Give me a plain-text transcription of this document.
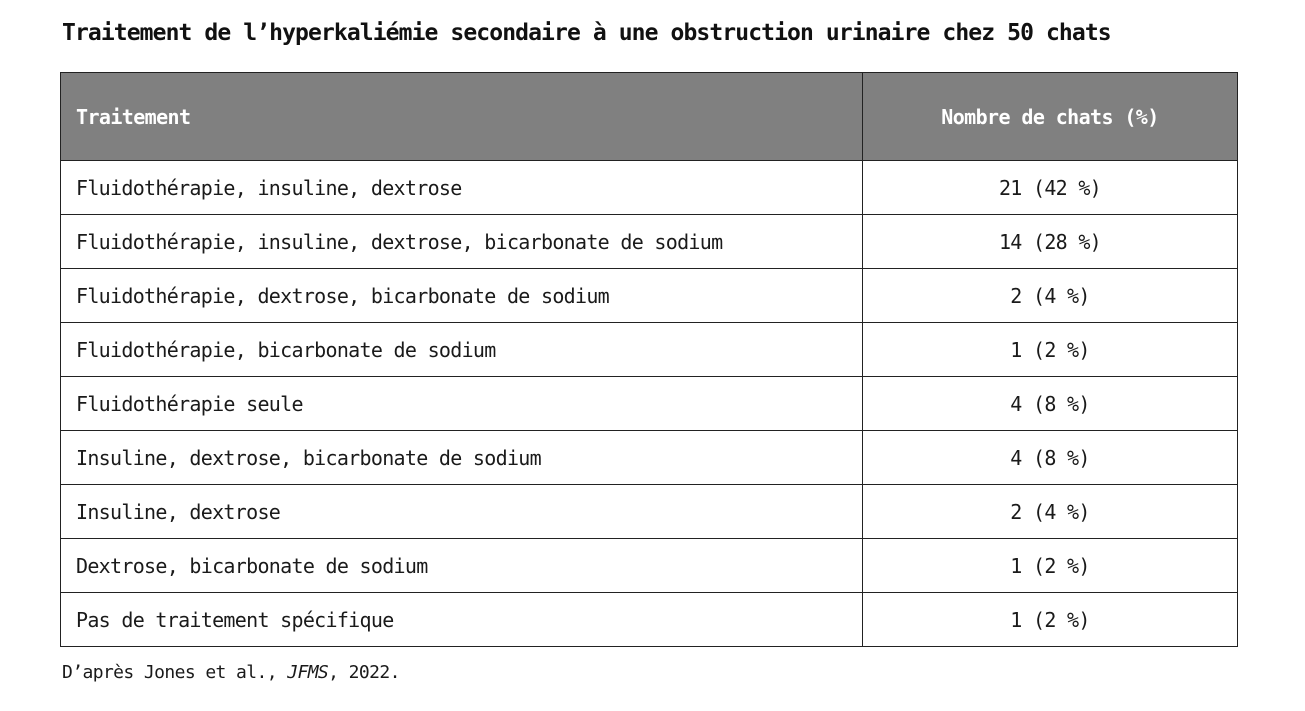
Traitement de l’hyperkaliémie secondaire à une obstruction urinaire chez 50 chats
Traitement	Nombre de chats (%)
Fluidothérapie, insuline, dextrose	21 (42 %)
Fluidothérapie, insuline, dextrose, bicarbonate de sodium	14 (28 %)
Fluidothérapie, dextrose, bicarbonate de sodium	2 (4 %)
Fluidothérapie, bicarbonate de sodium	1 (2 %)
Fluidothérapie seule	4 (8 %)
Insuline, dextrose, bicarbonate de sodium	4 (8 %)
Insuline, dextrose	2 (4 %)
Dextrose, bicarbonate de sodium	1 (2 %)
Pas de traitement spécifique	1 (2 %)
D’après Jones et al., JFMS, 2022.
